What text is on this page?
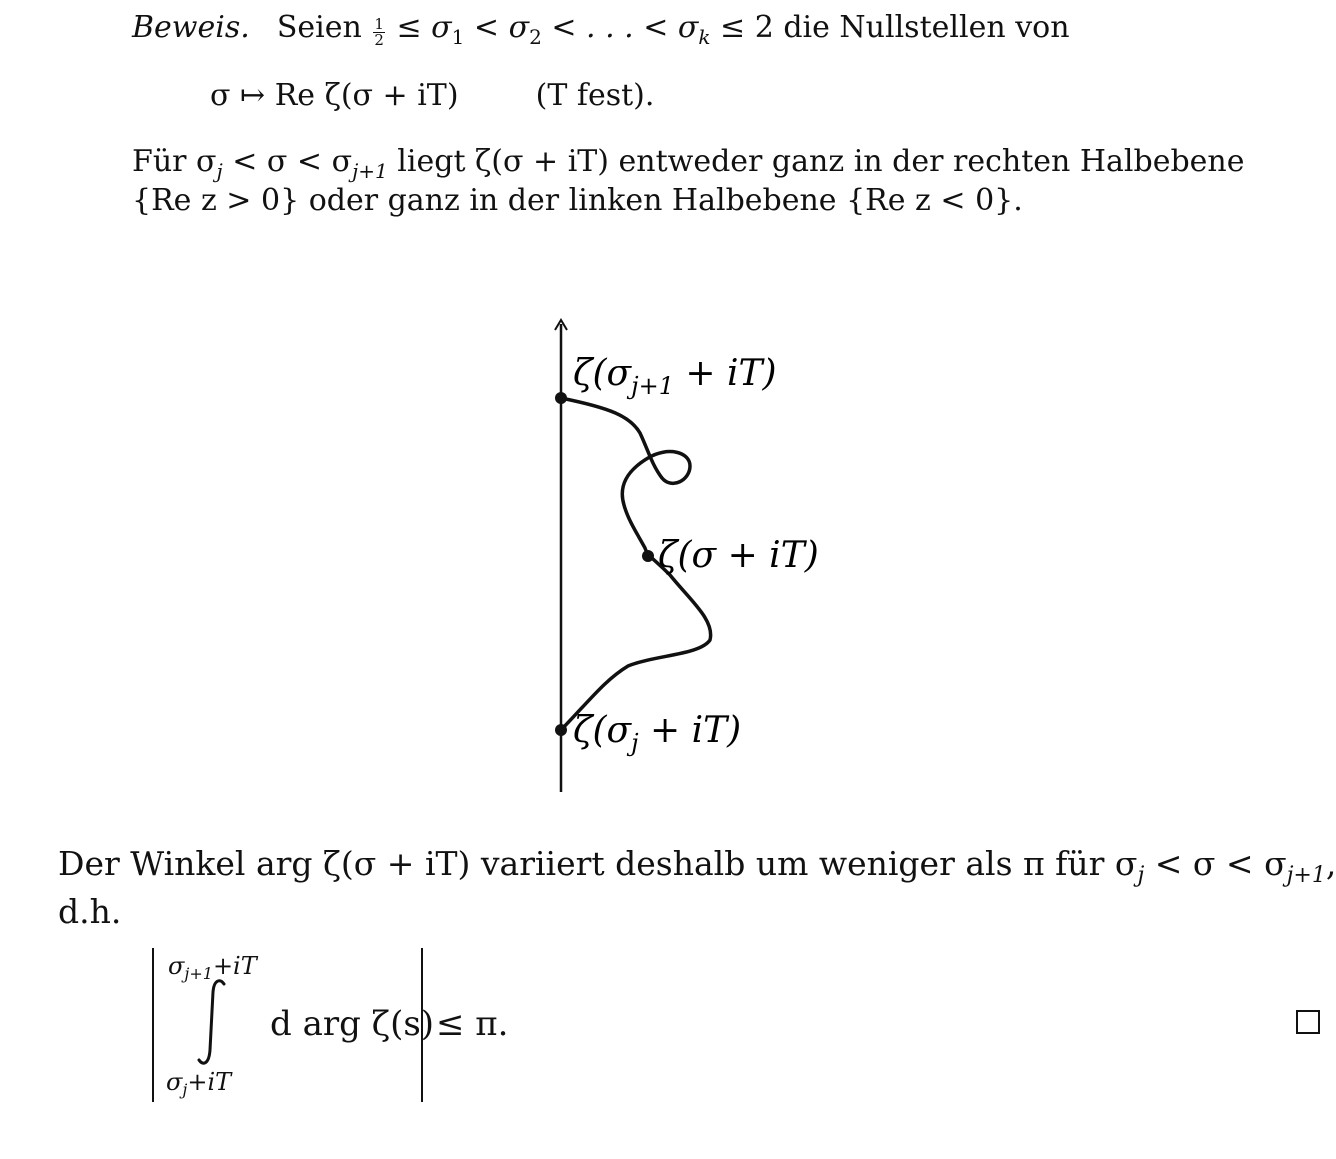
Beweis. Seien $\frac{1}{2} \le \sigma_1 < \sigma_2$ < . . . < $\sigma_k \le 2$ die Nullstellen von
σ ↦ Re ζ(σ + iT)	(T fest).
Für $\sigma_j < \sigma < \sigma_{j+1}$ liegt ζ(σ + iT) entweder ganz in der rechten Halbebene
{Re z > 0} oder ganz in der linken Halbebene {Re z < 0}.
$\zeta(\sigma_{j+1} + iT)$
ζ(σ + iT)
$\zeta(\sigma_j + iT)$
Der Winkel arg ζ(σ + iT) variiert deshalb um weniger als π für $\sigma_j < \sigma < \sigma_{j+1}$,
d.h.
$\sigma_{j+1}+iT$
$\sigma_j+iT$
d arg ζ(s) ≤ π.
